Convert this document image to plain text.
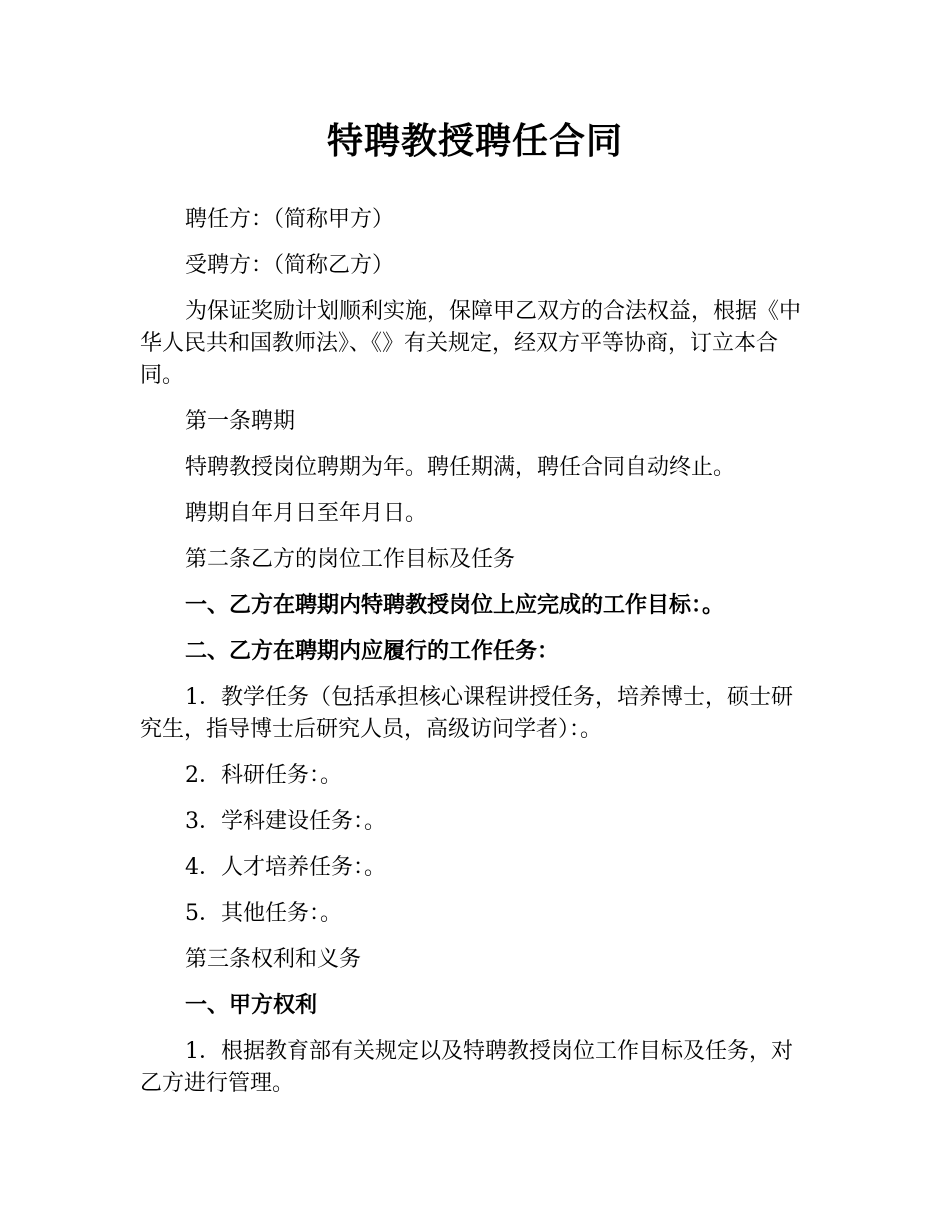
特聘教授聘任合同

聘任方：（简称甲方）

受聘方：（简称乙方）

为保证奖励计划顺利实施，保障甲乙双方的合法权益，根据《中华人民共和国教师法》、《》有关规定，经双方平等协商，订立本合同。

第一条聘期

特聘教授岗位聘期为年。聘任期满，聘任合同自动终止。

聘期自年月日至年月日。

第二条乙方的岗位工作目标及任务

一、乙方在聘期内特聘教授岗位上应完成的工作目标：。

二、乙方在聘期内应履行的工作任务：

1．教学任务（包括承担核心课程讲授任务，培养博士，硕士研究生，指导博士后研究人员，高级访问学者）：。

2．科研任务：。

3．学科建设任务：。

4．人才培养任务：。

5．其他任务：。

第三条权利和义务

一、甲方权利

1．根据教育部有关规定以及特聘教授岗位工作目标及任务，对乙方进行管理。
